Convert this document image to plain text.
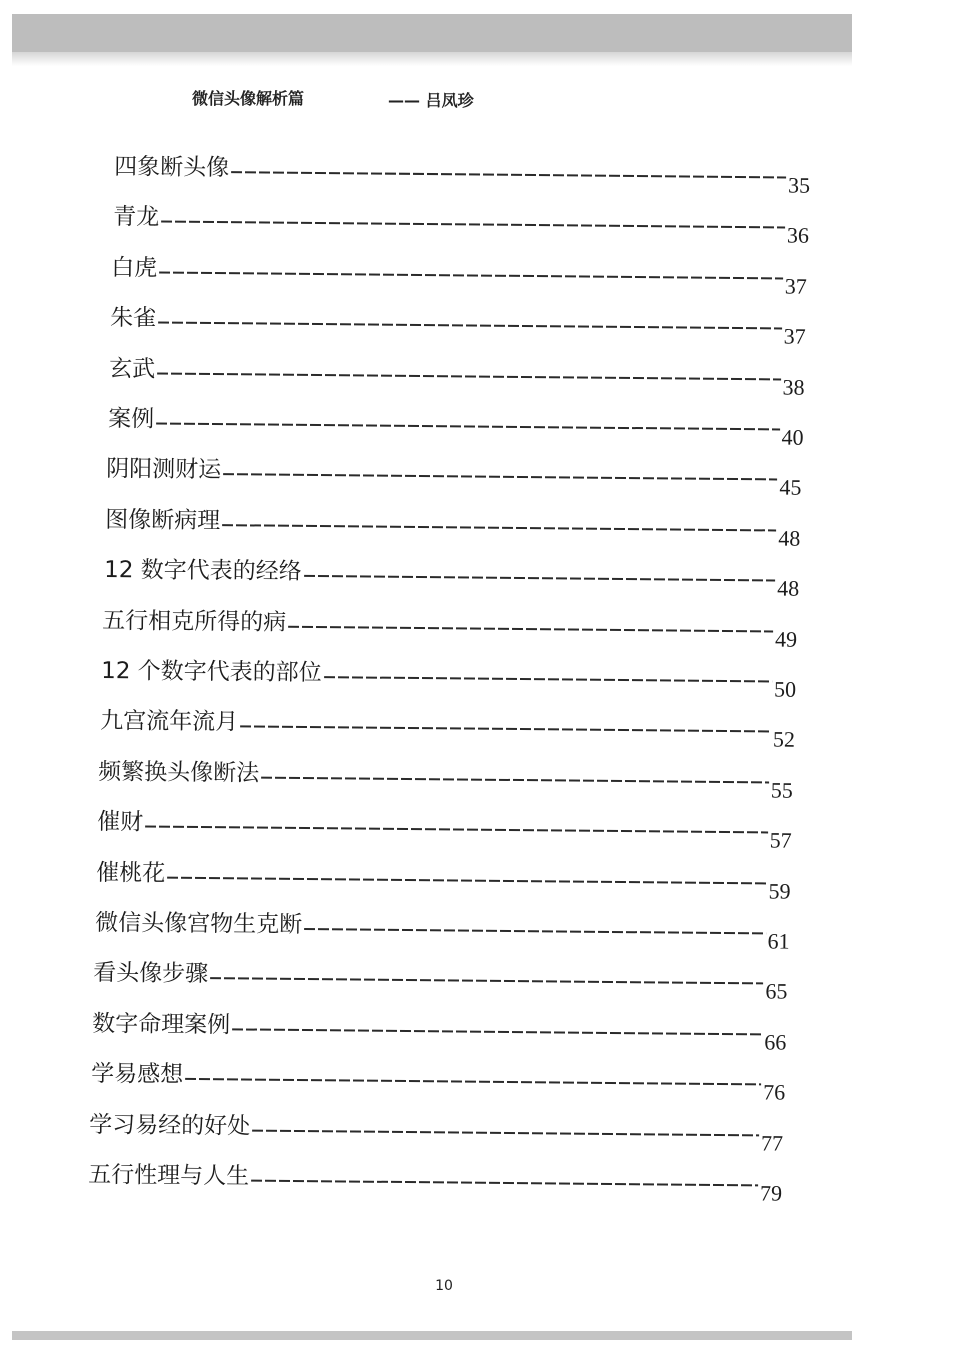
微信头像解析篇	—— 吕凤珍
四象断头像
35
青龙
36
白虎
37
朱雀
37
玄武
38
案例
40
阴阳测财运
45
图像断病理
48
12 数字代表的经络
48
五行相克所得的病
49
12 个数字代表的部位
50
九宫流年流月
52
频繁换头像断法
55
催财
57
催桃花
59
微信头像宫物生克断
61
看头像步骤
65
数字命理案例
66
学易感想
76
学习易经的好处
77
五行性理与人生
79
10
